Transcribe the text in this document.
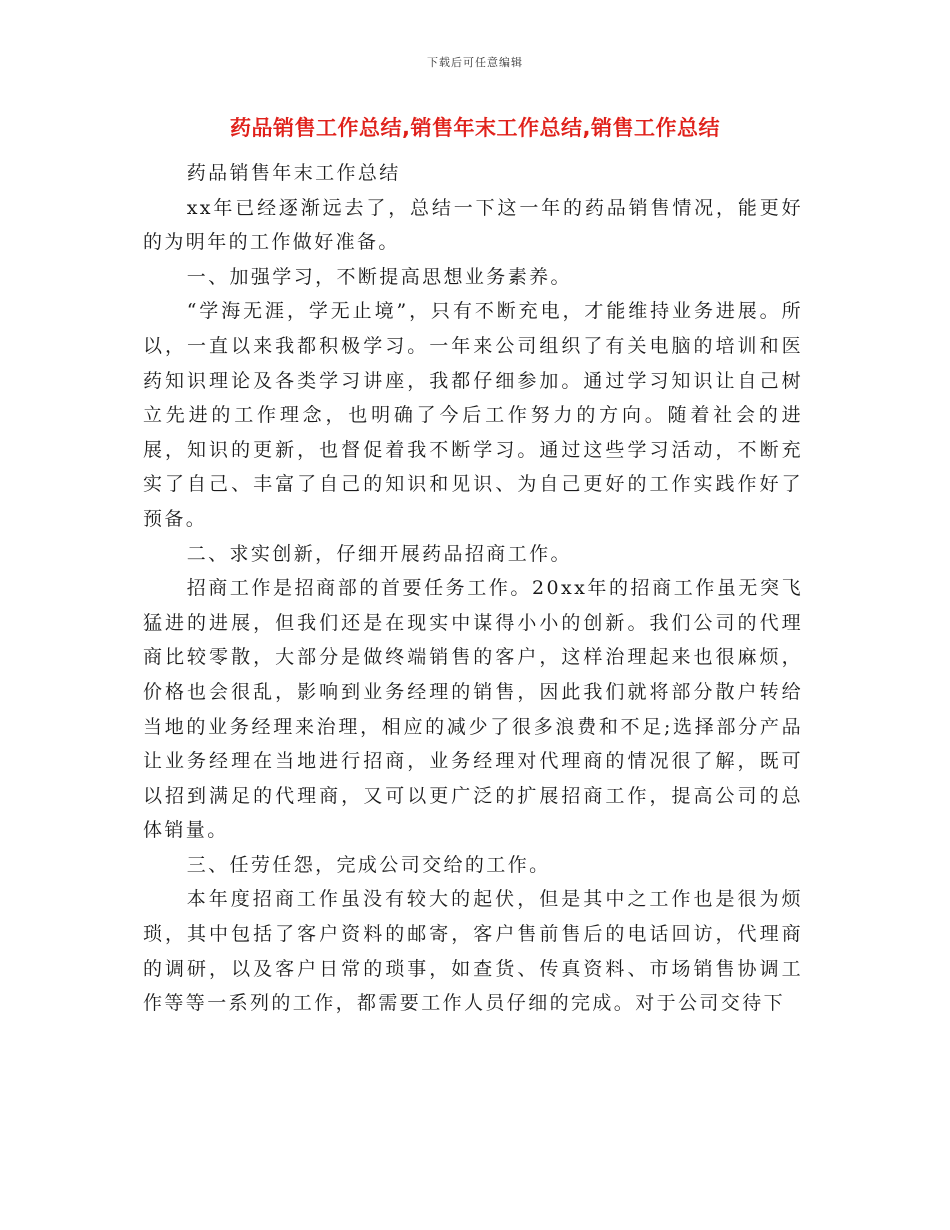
下载后可任意编辑
药品销售工作总结,销售年末工作总结,销售工作总结

药品销售年末工作总结

xx年已经逐渐远去了，总结一下这一年的药品销售情况，能更好的为明年的工作做好准备。

一、加强学习，不断提高思想业务素养。

“学海无涯，学无止境”，只有不断充电，才能维持业务进展。所以，一直以来我都积极学习。一年来公司组织了有关电脑的培训和医药知识理论及各类学习讲座，我都仔细参加。通过学习知识让自己树立先进的工作理念，也明确了今后工作努力的方向。随着社会的进展，知识的更新，也督促着我不断学习。通过这些学习活动，不断充实了自己、丰富了自己的知识和见识、为自己更好的工作实践作好了预备。

二、求实创新，仔细开展药品招商工作。

招商工作是招商部的首要任务工作。20xx年的招商工作虽无突飞猛进的进展，但我们还是在现实中谋得小小的创新。我们公司的代理商比较零散，大部分是做终端销售的客户，这样治理起来也很麻烦，价格也会很乱，影响到业务经理的销售，因此我们就将部分散户转给当地的业务经理来治理，相应的减少了很多浪费和不足;选择部分产品让业务经理在当地进行招商，业务经理对代理商的情况很了解，既可以招到满足的代理商，又可以更广泛的扩展招商工作，提高公司的总体销量。

三、任劳任怨，完成公司交给的工作。

本年度招商工作虽没有较大的起伏，但是其中之工作也是很为烦琐，其中包括了客户资料的邮寄，客户售前售后的电话回访，代理商的调研，以及客户日常的琐事，如查货、传真资料、市场销售协调工作等等一系列的工作，都需要工作人员仔细的完成。对于公司交待下
